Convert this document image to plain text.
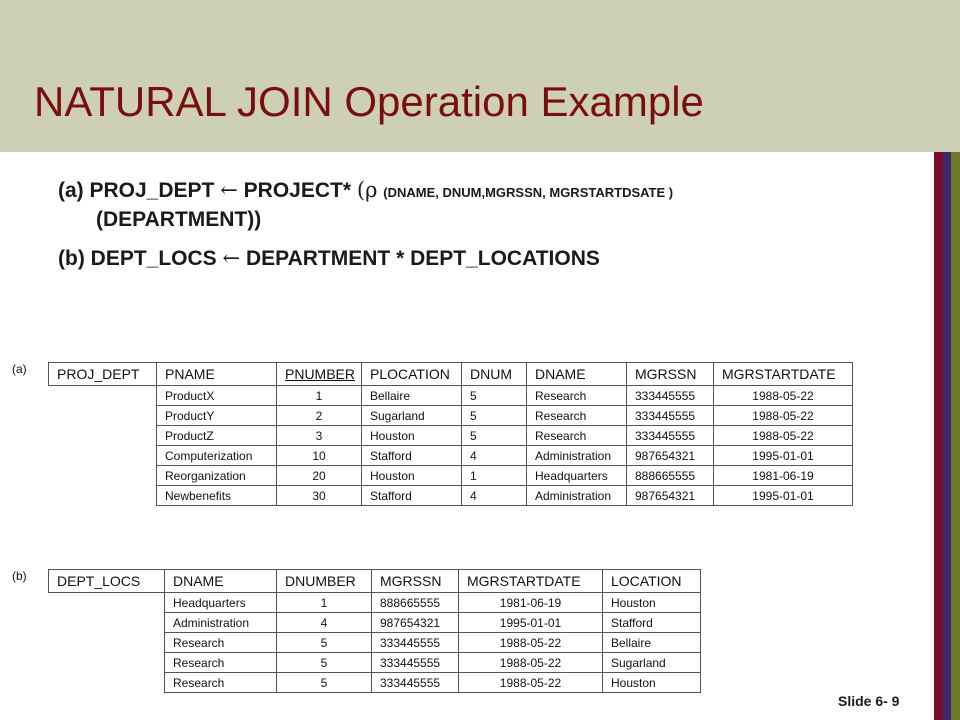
NATURAL JOIN Operation Example
(a) PROJ_DEPT ← PROJECT* (ρ (DNAME, DNUM,MGRSSN, MGRSTARTDSATE )
(DEPARTMENT))
(b) DEPT_LOCS ← DEPARTMENT * DEPT_LOCATIONS
(a) PROJ_DEPT	PNAME	PNUMBER	PLOCATION	DNUM	DNAME	MGRSSN	MGRSTARTDATE
	ProductX	1	Bellaire	5	Research	333445555	1988-05-22
	ProductY	2	Sugarland	5	Research	333445555	1988-05-22
	ProductZ	3	Houston	5	Research	333445555	1988-05-22
	Computerization	10	Stafford	4	Administration	987654321	1995-01-01
	Reorganization	20	Houston	1	Headquarters	888665555	1981-06-19
	Newbenefits	30	Stafford	4	Administration	987654321	1995-01-01
(b) DEPT_LOCS	DNAME	DNUMBER	MGRSSN	MGRSTARTDATE	LOCATION
	Headquarters	1	888665555	1981-06-19	Houston
	Administration	4	987654321	1995-01-01	Stafford
	Research	5	333445555	1988-05-22	Bellaire
	Research	5	333445555	1988-05-22	Sugarland
	Research	5	333445555	1988-05-22	Houston
Slide 6- 9
